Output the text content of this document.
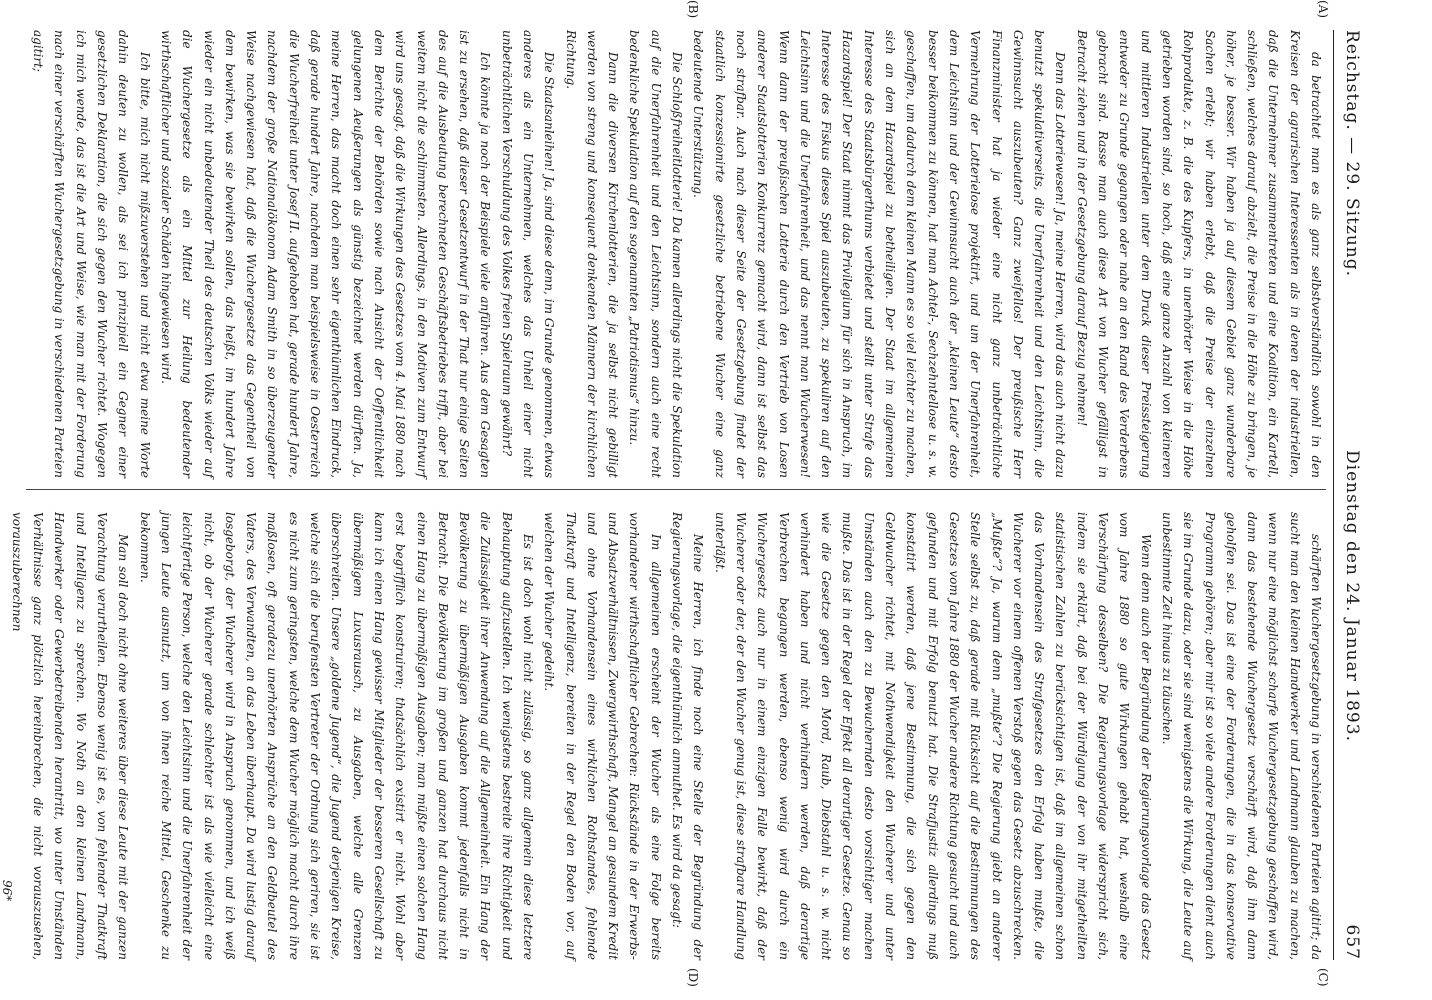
Reichstag. — 29. Sitzung.
Dienstag den 24. Januar 1893.
657
(A)
(B)
(C)
(D)

da betrachtet man es als ganz selbstverständlich sowohl in den Kreisen der agrarischen Interessenten als in denen der industriellen, daß die Unternehmer zusammentreten und eine Koalition, ein Kartell, schließen, welches darauf abzielt, die Preise in die Höhe zu bringen, je höher, je besser. Wir haben ja auf diesem Gebiet ganz wunderbare Sachen erlebt; wir haben erlebt, daß die Preise der einzelnen Rohprodukte, z. B. die des Kupfers, in unerhörter Weise in die Höhe getrieben worden sind, so hoch, daß eine ganze Anzahl von kleineren und mittleren Industriellen unter dem Druck dieser Preissteigerung entweder zu Grunde gegangen oder nahe an den Rand des Verderbens gebracht sind. Rasse man auch diese Art von Wucher gefälligst in Betracht ziehen und in der Gesetzgebung darauf Bezug nehmen!

Denn das Lotteriewesen! Ja, meine Herren, wird das auch nicht dazu benutzt spekulativerseits, die Unerfahrenheit und den Leichtsinn, die Gewinnsucht auszubeuten? Ganz zweifellos! Der preußische Herr Finanzminister hat ja wieder eine nicht ganz unbeträchtliche Vermehrung der Lotterielose projektirt, und um der Unerfahrenheit, dem Leichtsinn und der Gewinnsucht auch der „kleinen Leute“ desto besser beikommen zu können, hat man Achtel-, Sechzehntellose u. s. w. geschaffen, um dadurch dem kleinen Mann es so viel leichter zu machen, sich an dem Hazardspiel zu betheiligen. Der Staat im allgemeinen Interesse des Staatsbürgerthums verbietet und stellt unter Strafe das Hazardspiel! Der Staat nimmt das Privilegium für sich in Anspruch, im Interesse des Fiskus dieses Spiel auszubeuten, zu spekuliren auf den Leichtsinn und die Unerfahrenheit, und das nennt man Wucherwesen! Wenn dann der preußischen Lotterie durch den Vertrieb von Losen anderer Staatslotterien Konkurrenz gemacht wird, dann ist selbst das noch strafbar. Auch nach dieser Seite der Gesetzgebung findet der staatlich konzessionirte gesetzliche betriebene Wucher eine ganz bedeutende Unterstützung.

Die Schloßfreiheitlotterie! Da kamen allerdings nicht die Spekulation auf die Unerfahrenheit und den Leichtsinn, sondern auch eine recht bedenkliche Spekulation auf den sogenannten „Patriotismus“ hinzu.

Dann die diversen Kirchenlotterien, die ja selbst nicht gebilligt werden von streng und konsequent denkenden Männern der kirchlichen Richtung.

Die Staatsanleihen! Ja, sind diese denn, im Grunde genommen, etwas anderes als ein Unternehmen, welches das Unheil einer nicht unbeträchtlichen Verschuldung des Volkes freien Spielraum gewährt?

Ich könnte ja noch der Beispiele viele anführen. Aus dem Gesagten ist zu ersehen, daß dieser Gesetzentwurf in der That nur einige Seiten des auf die Ausbeutung berechneten Geschäftsbetriebes trifft, aber bei weitem nicht die schlimmsten. Allerdings, in den Motiven zum Entwurf wird uns gesagt, daß die Wirkungen des Gesetzes vom 4. Mai 1880 nach dem Berichte der Behörden sowie nach Ansicht der Oeffentlichkeit gelungenen Aeußerungen als günstig bezeichnet werden dürften. Ja, meine Herren, das macht doch einen sehr eigenthümlichen Eindruck, daß gerade hundert Jahre, nachdem man beispielsweise in Oesterreich die Wucherfreiheit unter Josef II. aufgehoben hat, gerade hundert Jahre, nachdem der große Nationalökonom Adam Smith in so überzeugender Weise nachgewiesen hat, daß die Wuchergesetze das Gegentheil von dem bewirken, was sie bewirken sollen, das heißt, im hundert Jahre wieder ein nicht unbedeutender Theil des deutschen Volks wieder auf die Wuchergesetze als ein Mittel zur Heilung bedeutender wirthschaftlicher und sozialer Schäden hingewiesen wird.

Ich bitte, mich nicht mißzuverstehen und nicht etwa meine Worte dahin deuten zu wollen, als sei ich prinzipiell ein Gegner einer gesetzlichen Deklaration, die sich gegen den Wucher richtet. Wogegen ich mich wende, das ist die Art und Weise, wie man mit der Forderung nach einer verschärften Wuchergesetzgebung in verschiedenen Parteien agitirt;

schärften Wuchergesetzgebung in verschiedenen Parteien agitirt; da sucht man den kleinen Handwerker und Landmann glauben zu machen, wenn nur eine möglichst scharfe Wuchergesetzgebung geschaffen wird, dann das bestehende Wuchergesetz verschärft wird, daß ihm dann geholfen sei. Das ist eine der Forderungen, die in das konservative Programm gehören; aber mir ist so viele andere Forderungen dient auch sie im Grunde dazu, oder sie sind wenigstens die Wirkung, die Leute auf unbestimmte Zeit hinaus zu täuschen.

Wenn denn auch der Begründung der Regierungsvorlage das Gesetz vom Jahre 1880 so gute Wirkungen gehabt hat, weshalb eine Verschärfung desselben? Die Regierungsvorlage widerspricht sich, indem sie erklärt, daß bei der Würdigung der von ihr mitgetheilten statistischen Zahlen zu berücksichtigen ist, daß im allgemeinen schon das Vorhandensein des Strafgesetzes den Erfolg haben mußte, die Wucherer vor einem offenen Verstoß gegen das Gesetz abzuschrecken. „Mußte“? Ja, warum denn „mußte“? Die Regierung giebt an anderer Stelle selbst zu, daß gerade mit Rücksicht auf die Bestimmungen des Gesetzes vom Jahre 1880 der Wucher andere Richtung gesucht und auch gefunden und mit Erfolg benutzt hat. Die Strafjustiz allerdings muß konstatirt werden, daß jene Bestimmung, die sich gegen den Geldwucher richtet, mit Nothwendigkeit den Wucherer und unter Umständen auch den zu Bewuchernden desto vorsichtiger machen mußte. Das ist in der Regel der Effekt all derartiger Gesetze. Genau so wie die Gesetze gegen den Mord, Raub, Diebstahl u. s. w. nicht verhindert haben und nicht verhindern werden, daß derartige Verbrechen begangen werden, ebenso wenig wird durch ein Wuchergesetz auch nur in einem einzigen Falle bewirkt, daß der Wucherer oder der, der den Wucher genug ist, diese strafbare Handlung unterläßt.

Meine Herren, ich finde noch eine Stelle der Begründung der Regierungsvorlage, die eigenthümlich anmuthet. Es wird da gesagt:

Im allgemeinen erscheint der Wucher als eine Folge bereits vorhandener wirthschaftlicher Gebrechen: Rückstände in der Erwerbs- und Absatzverhältnissen, Zwergwirthschaft, Mangel an gesundem Kredit und ohne Vorhandensein eines wirklichen Rothstandes, fehlende Thatkraft und Intelligenz, bereiten in der Regel den Boden vor, auf welchen der Wucher gedeiht.

Es ist doch wohl nicht zulässig, so ganz allgemein diese letztere Behauptung aufzustellen. Ich wenigstens bestreite ihre Richtigkeit und die Zulässigkeit ihrer Anwendung auf die Allgemeinheit. Ein Hang der Bevölkerung zu übermäßigen Ausgaben kommt jedenfalls nicht in Betracht. Die Bevölkerung im großen und ganzen hat durchaus nicht einen Hang zu übermäßigen Ausgaben; man müßte einen solchen Hang erst begrifflich konstruiren; thatsächlich existirt er nicht. Wohl aber kann ich einen Hang gewisser Mitglieder der besseren Gesellschaft zu übermäßigem Luxusrausch, zu Ausgaben, welche alle Grenzen überschreiten. Unsere „goldene Jugend“, die Jugend derjenigen Kreise, welche sich die berufensten Vertreter der Ordnung sich geriren, sie ist es nicht zum geringsten, welche dem Wucher möglich macht durch ihre maßlosen, oft geradezu unerhörten Ansprüche an den Geldbeutel des Vaters, des Verwandten, an das Leben überhaupt. Da wird lustig darauf losgeborgt, der Wucherer wird in Anspruch genommen, und ich weiß nicht, ob der Wucherer gerade schlechter ist als wie vielleicht eine leichtfertige Person, welche den Leichtsinn und die Unerfahrenheit der jungen Leute ausnutzt, um von ihnen reiche Mittel, Geschenke zu bekommen.

Man soll doch nicht ohne weiteres über diese Leute mit der ganzen Verachtung verurtheilen. Ebenso wenig ist es, von fehlender Thatkraft und Intelligenz zu sprechen. Wo Noth an den kleinen Landmann, Handwerker oder Gewerbetreibenden herantritt, wo unter Umständen Verhältnisse ganz plötzlich hereinbrechen, die nicht vorauszusehen, vorauszuberechnen

96*
